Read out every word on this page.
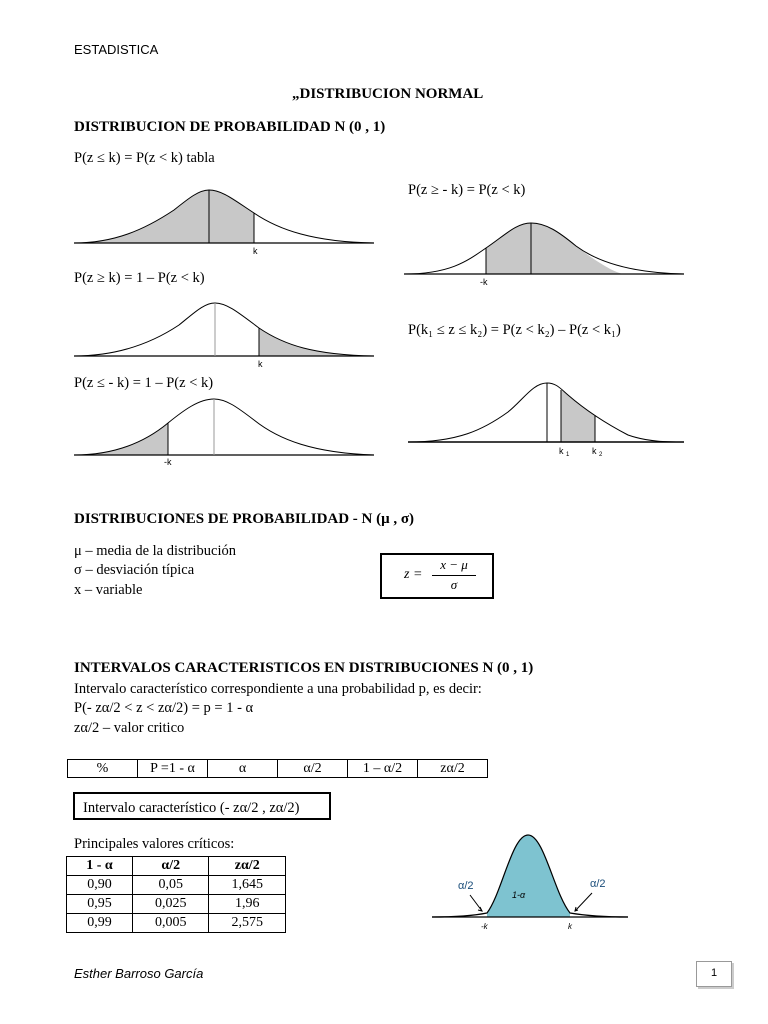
ESTADISTICA
„DISTRIBUCION NORMAL
DISTRIBUCION DE PROBABILIDAD N (0 , 1)
P(z ≤ k) = P(z < k) tabla
P(z ≥ - k) = P(z < k)
P(z ≥ k) = 1 – P(z < k)
P(k₁ ≤ z ≤ k₂) = P(z < k₂) – P(z < k₁)
P(z ≤ - k) = 1 – P(z < k)
k
-k
k
k 1	k 2
-k
DISTRIBUCIONES DE PROBABILIDAD - N (μ , σ)
μ – media de la distribución
σ – desviación típica
x – variable
z =
x − μ
σ
INTERVALOS CARACTERISTICOS EN DISTRIBUCIONES N (0 , 1)
Intervalo característico correspondiente a una probabilidad p, es decir:
P(- zα/2 < z < zα/2) = p = 1 - α
zα/2 – valor critico
%	P =1 - α	α	α/2	1 – α/2	zα/2
Intervalo característico (- zα/2 , zα/2)
Principales valores críticos:
1 - α	α/2	zα/2
0,90	0,05	1,645
0,95	0,025	1,96
0,99	0,005	2,575
α/2	α/2
1-α
-k	k
Esther Barroso García	1
